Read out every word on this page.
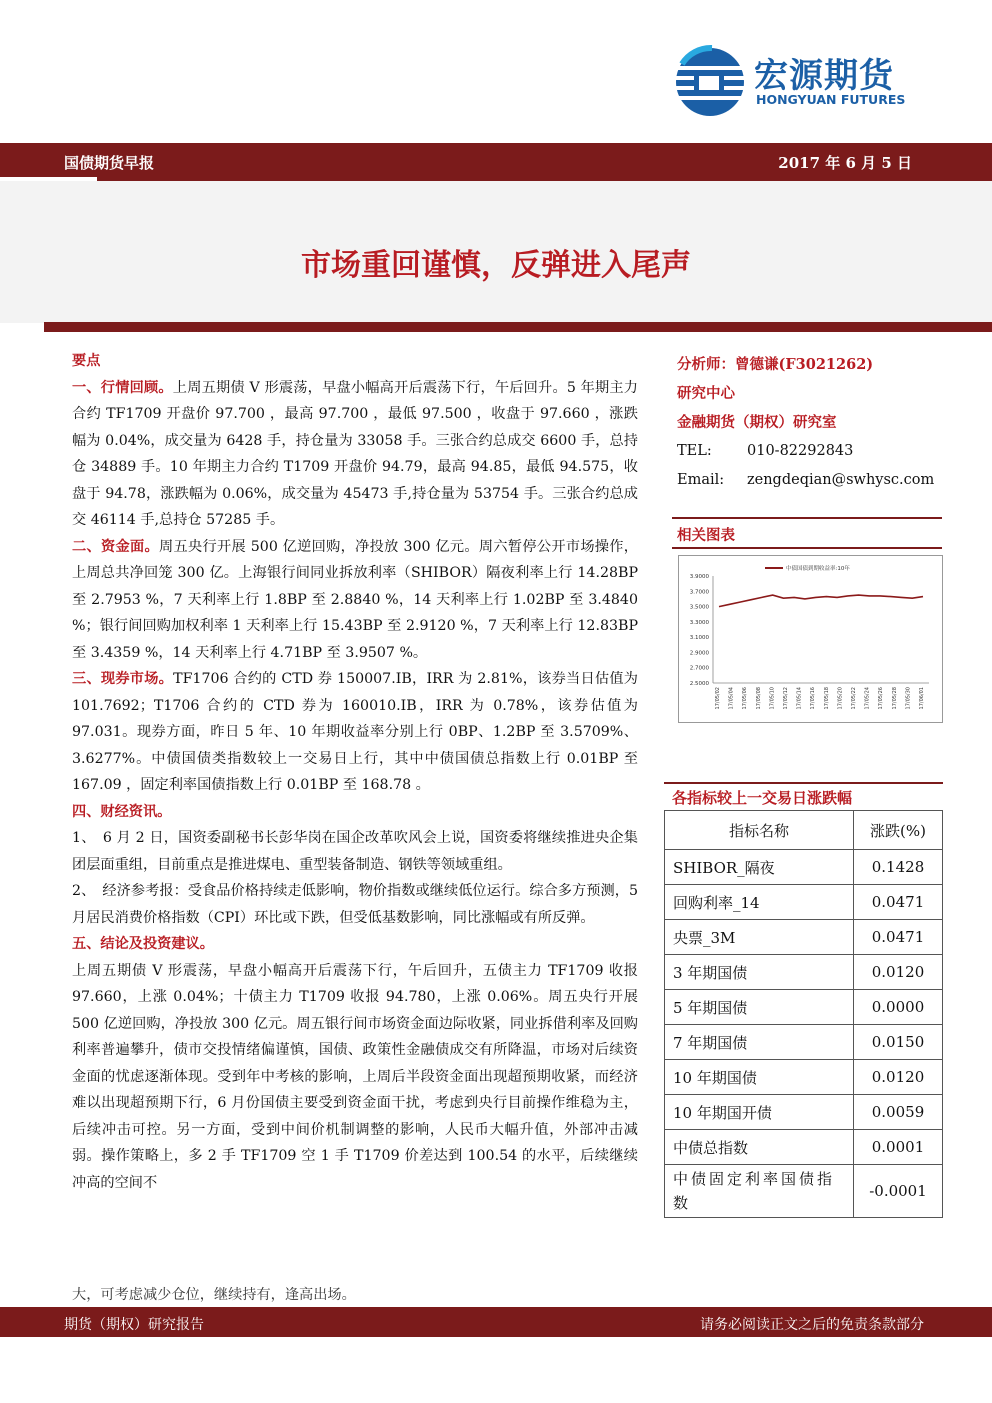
宏源期货
HONGYUAN FUTURES
国债期货早报	2017 年 6 月 5 日
市场重回谨慎，反弹进入尾声

要点

一、行情回顾。上周五期债 V 形震荡，早盘小幅高开后震荡下行，午后回升。5 年期主力合约 TF1709 开盘价 97.700 ，最高 97.700 ，最低 97.500 ，收盘于 97.660 ，涨跌幅为 0.04%，成交量为 6428 手，持仓量为 33058 手。三张合约总成交 6600 手，总持仓 34889 手。10 年期主力合约 T1709 开盘价 94.79，最高 94.85，最低 94.575，收盘于 94.78，涨跌幅为 0.06%，成交量为 45473 手,持仓量为 53754 手。三张合约总成交 46114 手,总持仓 57285 手。

二、资金面。周五央行开展 500 亿逆回购，净投放 300 亿元。周六暂停公开市场操作，上周总共净回笼 300 亿。上海银行间同业拆放利率（SHIBOR）隔夜利率上行 14.28BP 至 2.7953 %，7 天利率上行 1.8BP 至 2.8840 %，14 天利率上行 1.02BP 至 3.4840 %；银行间回购加权利率 1 天利率上行 15.43BP 至 2.9120 %，7 天利率上行 12.83BP 至 3.4359 %，14 天利率上行 4.71BP 至 3.9507 %。

三、现券市场。TF1706 合约的 CTD 券 150007.IB，IRR 为 2.81%，该券当日估值为 101.7692；T1706 合约的 CTD 券为 160010.IB，IRR 为 0.78%，该券估值为 97.031。现券方面，昨日 5 年、10 年期收益率分别上行 0BP、1.2BP 至 3.5709%、3.6277%。中债国债类指数较上一交易日上行，其中中债国债总指数上行 0.01BP 至 167.09 ，固定利率国债指数上行 0.01BP 至 168.78 。

四、财经资讯。

1、　6 月 2 日，国资委副秘书长彭华岗在国企改革吹风会上说，国资委将继续推进央企集团层面重组，目前重点是推进煤电、重型装备制造、钢铁等领域重组。

2、　经济参考报：受食品价格持续走低影响，物价指数或继续低位运行。综合多方预测，5 月居民消费价格指数（CPI）环比或下跌，但受低基数影响，同比涨幅或有所反弹。

五、结论及投资建议。

上周五期债 V 形震荡，早盘小幅高开后震荡下行，午后回升，五债主力 TF1709 收报 97.660，上涨 0.04%；十债主力 T1709 收报 94.780，上涨 0.06%。周五央行开展 500 亿逆回购，净投放 300 亿元。周五银行间市场资金面边际收紧，同业拆借利率及回购利率普遍攀升，债市交投情绪偏谨慎，国债、政策性金融债成交有所降温，市场对后续资金面的忧虑逐渐体现。受到年中考核的影响，上周后半段资金面出现超预期收紧，而经济难以出现超预期下行，6 月份国债主要受到资金面干扰，考虑到央行目前操作维稳为主，后续冲击可控。另一方面，受到中间价机制调整的影响，人民币大幅升值，外部冲击减弱。操作策略上，多 2 手 TF1709 空 1 手 T1709 价差达到 100.54 的水平，后续继续冲高的空间不

大，可考虑减少仓位，继续持有，逢高出场。
分析师：曾德谦(F3021262)
研究中心
金融期货（期权）研究室
TEL:	010-82292843
Email:	zengdeqian@swhysc.com
相关图表
3.9000
3.7000
3.5000
3.3000
3.1000
2.9000
2.7000
2.5000
17/05/02 17/05/04 17/05/06 17/05/08 17/05/10 17/05/12 17/05/14 17/05/16 17/05/18 17/05/20 17/05/22 17/05/24 17/05/26 17/05/28 17/05/30 17/06/01
中债国债到期收益率:10年
各指标较上一交易日涨跌幅
指标名称	涨跌(%)
SHIBOR_隔夜	0.1428
回购利率_14	0.0471
央票_3M	0.0471
3 年期国债	0.0120
5 年期国债	0.0000
7 年期国债	0.0150
10 年期国债	0.0120
10 年期国开债	0.0059
中债总指数	0.0001
中债固定利率国债指数	-0.0001
期货（期权）研究报告	请务必阅读正文之后的免责条款部分
